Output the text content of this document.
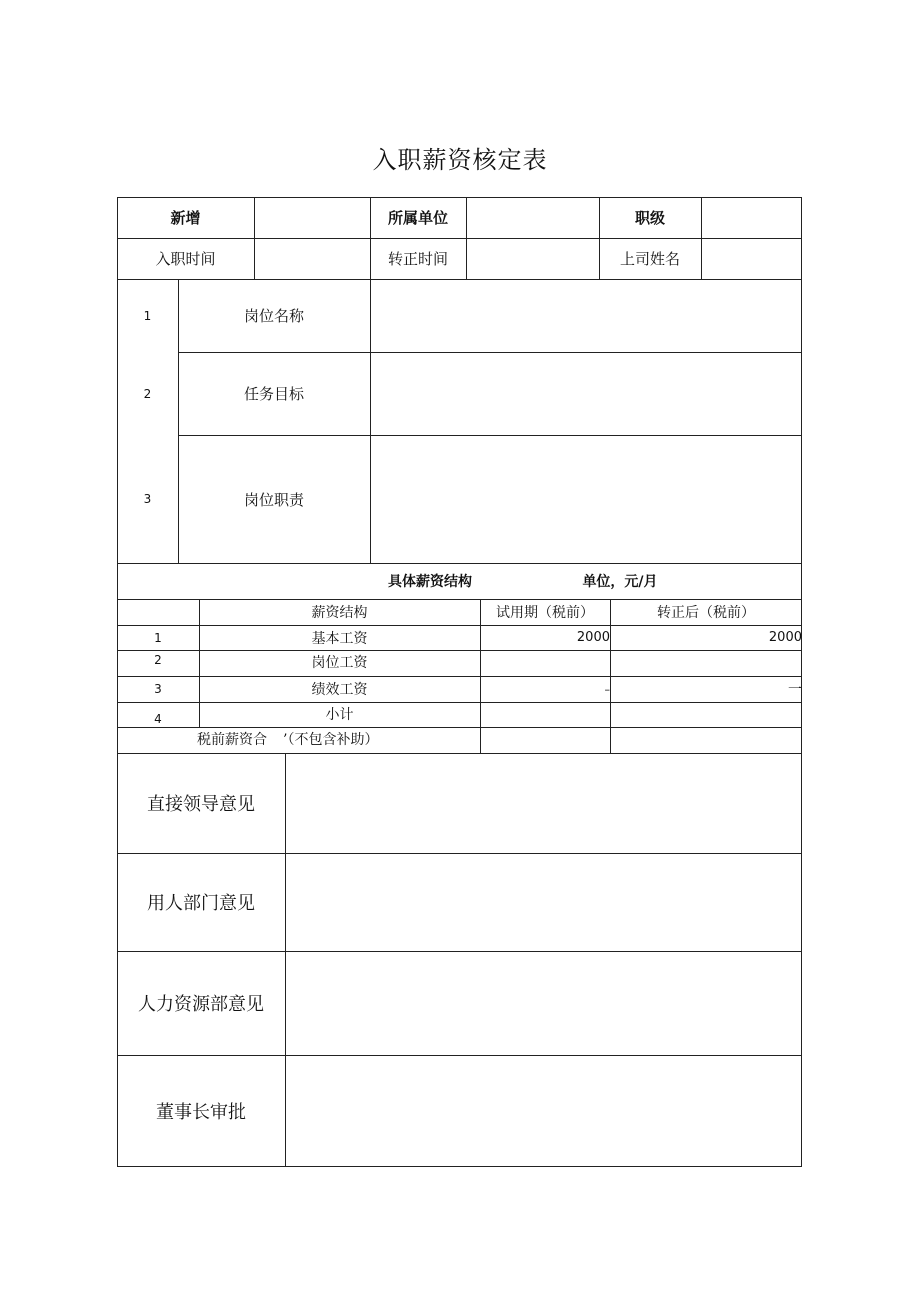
入职薪资核定表
新增	所属单位	职级
入职时间	转正时间	上司姓名
1	岗位名称
2	任务目标
3	岗位职责
具体薪资结构	单位，元/月
薪资结构	试用期（税前）	转正后（税前）
1	基本工资	2000	2000
2	岗位工资
3	绩效工资	–	一
4	小计
税前薪资合	’（不包含补助）
直接领导意见
用人部门意见
人力资源部意见
董事长审批
